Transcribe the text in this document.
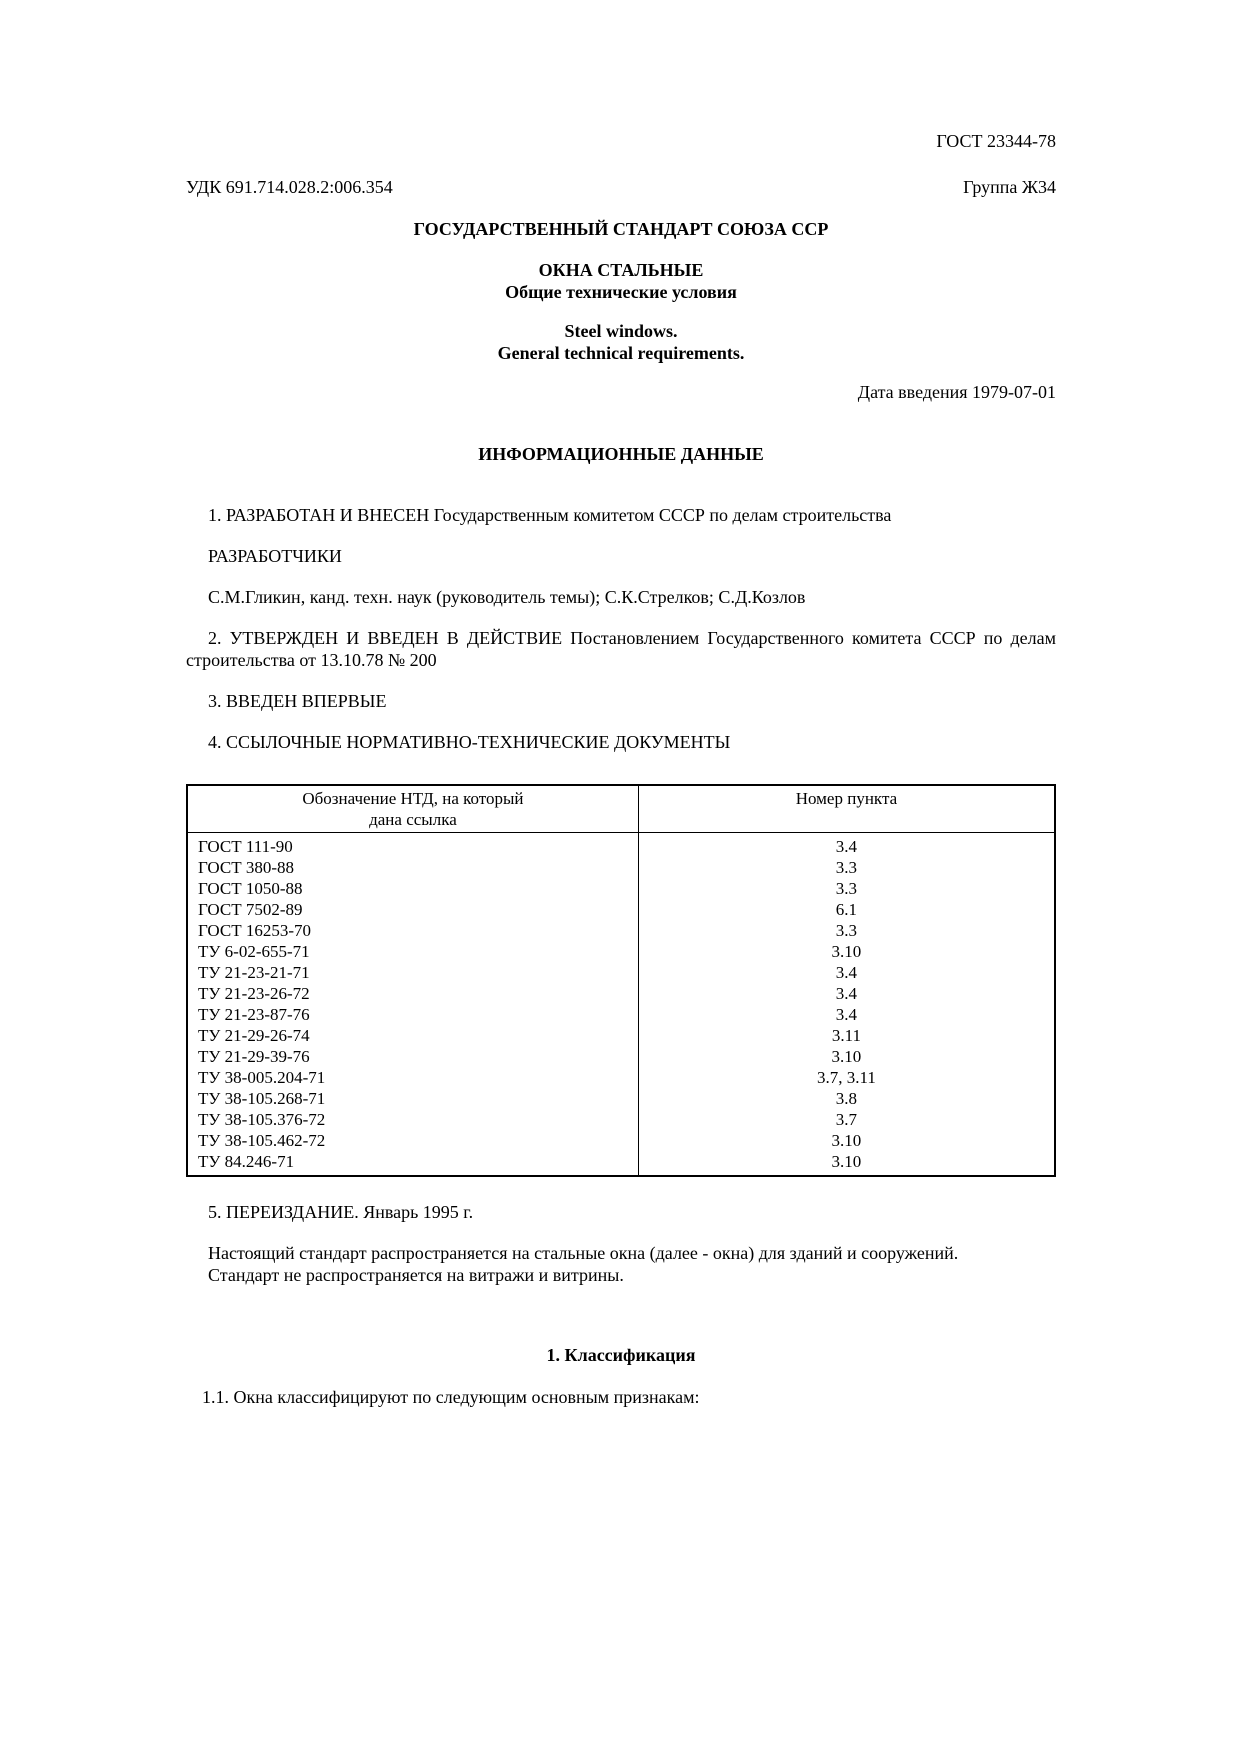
ГОСТ 23344-78

УДК 691.714.028.2:006.354	Группа Ж34

ГОСУДАРСТВЕННЫЙ СТАНДАРТ СОЮЗА ССР

ОКНА СТАЛЬНЫЕ

Общие технические условия

Steel windows.

General technical requirements.

Дата введения 1979-07-01

ИНФОРМАЦИОННЫЕ ДАННЫЕ

1. РАЗРАБОТАН И ВНЕСЕН Государственным комитетом СССР по делам строительства

РАЗРАБОТЧИКИ

С.М.Гликин, канд. техн. наук (руководитель темы); С.К.Стрелков; С.Д.Козлов

2. УТВЕРЖДЕН И ВВЕДЕН В ДЕЙСТВИЕ Постановлением Государственного комитета СССР по делам строительства от 13.10.78 № 200

3. ВВЕДЕН ВПЕРВЫЕ

4. ССЫЛОЧНЫЕ НОРМАТИВНО-ТЕХНИЧЕСКИЕ ДОКУМЕНТЫ

Обозначение НТД, на который
дана ссылка	Номер пункта
ГОСТ 111-90	3.4
ГОСТ 380-88	3.3
ГОСТ 1050-88	3.3
ГОСТ 7502-89	6.1
ГОСТ 16253-70	3.3
ТУ 6-02-655-71	3.10
ТУ 21-23-21-71	3.4
ТУ 21-23-26-72	3.4
ТУ 21-23-87-76	3.4
ТУ 21-29-26-74	3.11
ТУ 21-29-39-76	3.10
ТУ 38-005.204-71	3.7, 3.11
ТУ 38-105.268-71	3.8
ТУ 38-105.376-72	3.7
ТУ 38-105.462-72	3.10
ТУ 84.246-71	3.10

5. ПЕРЕИЗДАНИЕ. Январь 1995 г.

Настоящий стандарт распространяется на стальные окна (далее - окна) для зданий и сооружений.

Стандарт не распространяется на витражи и витрины.

1. Классификация

1.1. Окна классифицируют по следующим основным признакам:
